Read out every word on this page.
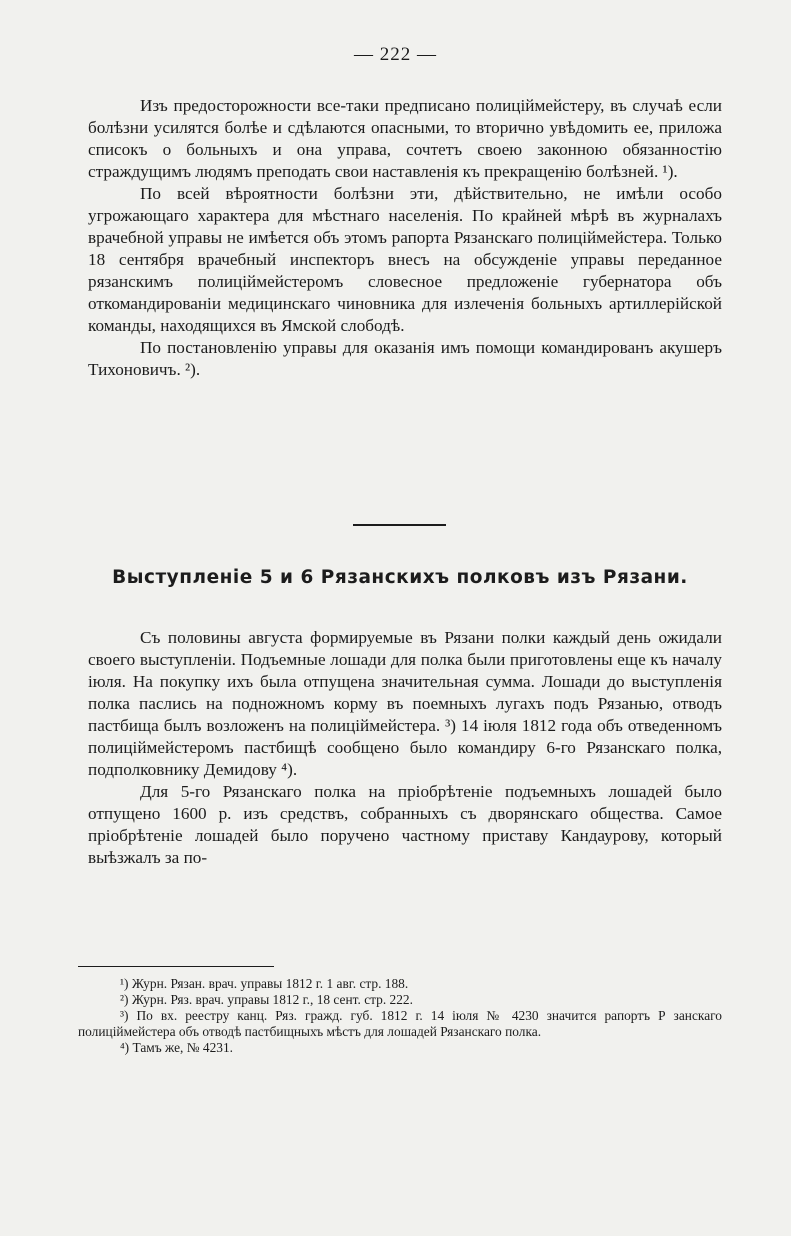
— 222 —

Изъ предосторожности все-таки предписано полицiймейстеру, въ случаѣ если болѣзни усилятся болѣе и сдѣлаются опасными, то вторично увѣдомить ее, приложа списокъ о больныхъ и она управа, сочтетъ своею законною обязанностiю страждущимъ людямъ преподать свои наставленiя къ прекращенiю болѣзней. ¹).

По всей вѣроятности болѣзни эти, дѣйствительно, не имѣли особо угрожающаго характера для мѣстнаго населенiя. По крайней мѣрѣ въ журналахъ врачебной управы не имѣется объ этомъ рапорта Рязанскаго полицiймейстера. Только 18 сентября врачебный инспекторъ внесъ на обсужденiе управы переданное рязанскимъ полицiймейстеромъ словесное предложенiе губернатора объ откомандированiи медицинскаго чиновника для излеченiя больныхъ артиллерiйской команды, находящихся въ Ямской слободѣ.

По постановленiю управы для оказанiя имъ помощи командированъ акушеръ Тихоновичъ. ²).

Выступленiе 5 и 6 Рязанскихъ полковъ изъ Рязани.

Съ половины августа формируемые въ Рязани полки каждый день ожидали своего выступленiи. Подъемные лошади для полка были приготовлены еще къ началу iюля. На покупку ихъ была отпущена значительная сумма. Лошади до выступленiя полка паслись на подножномъ корму въ поемныхъ лугахъ подъ Рязанью, отводъ пастбища былъ возложенъ на полицiймейстера. ³) 14 iюля 1812 года объ отведенномъ полицiймейстеромъ пастбищѣ сообщено было командиру 6-го Рязанскаго полка, подполковнику Демидову ⁴).

Для 5-го Рязанскаго полка на прiобрѣтенiе подъемныхъ лошадей было отпущено 1600 р. изъ средствъ, собранныхъ съ дворянскаго общества. Самое прiобрѣтенiе лошадей было поручено частному приставу Кандаурову, который выѣзжалъ за по-

¹) Журн. Рязан. врач. управы 1812 г. 1 авг. стр. 188.
²) Журн. Ряз. врач. управы 1812 г., 18 сент. стр. 222.
³) По вх. реестру канц. Ряз. гражд. губ. 1812 г. 14 iюля № 4230 значится рапортъ Р занскаго полицiймейстера объ отводѣ пастбищныхъ мѣстъ для лошадей Рязанскаго полка.
⁴) Тамъ же, № 4231.
